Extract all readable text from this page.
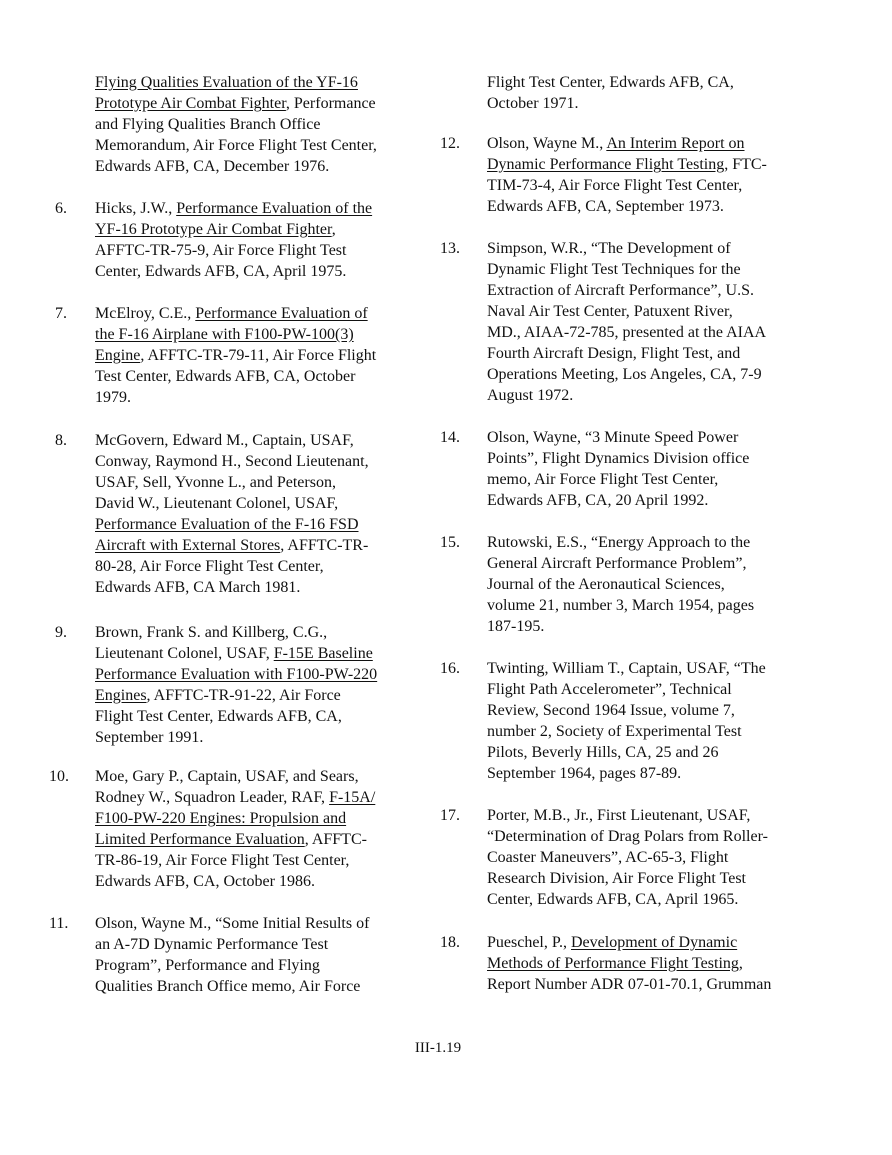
Flying Qualities Evaluation of the YF-16
Prototype Air Combat Fighter, Performance
and Flying Qualities Branch Office
Memorandum, Air Force Flight Test Center,
Edwards AFB, CA, December 1976.
6. Hicks, J.W., Performance Evaluation of the
YF-16 Prototype Air Combat Fighter,
AFFTC-TR-75-9, Air Force Flight Test
Center, Edwards AFB, CA, April 1975.
7. McElroy, C.E., Performance Evaluation of
the F-16 Airplane with F100-PW-100(3)
Engine, AFFTC-TR-79-11, Air Force Flight
Test Center, Edwards AFB, CA, October
1979.
8. McGovern, Edward M., Captain, USAF,
Conway, Raymond H., Second Lieutenant,
USAF, Sell, Yvonne L., and Peterson,
David W., Lieutenant Colonel, USAF,
Performance Evaluation of the F-16 FSD
Aircraft with External Stores, AFFTC-TR-
80-28, Air Force Flight Test Center,
Edwards AFB, CA March 1981.
9. Brown, Frank S. and Killberg, C.G.,
Lieutenant Colonel, USAF, F-15E Baseline
Performance Evaluation with F100-PW-220
Engines, AFFTC-TR-91-22, Air Force
Flight Test Center, Edwards AFB, CA,
September 1991.
10. Moe, Gary P., Captain, USAF, and Sears,
Rodney W., Squadron Leader, RAF, F-15A/
F100-PW-220 Engines: Propulsion and
Limited Performance Evaluation, AFFTC-
TR-86-19, Air Force Flight Test Center,
Edwards AFB, CA, October 1986.
11. Olson, Wayne M., “Some Initial Results of
an A-7D Dynamic Performance Test
Program”, Performance and Flying
Qualities Branch Office memo, Air Force
Flight Test Center, Edwards AFB, CA,
October 1971.
12. Olson, Wayne M., An Interim Report on
Dynamic Performance Flight Testing, FTC-
TIM-73-4, Air Force Flight Test Center,
Edwards AFB, CA, September 1973.
13. Simpson, W.R., “The Development of
Dynamic Flight Test Techniques for the
Extraction of Aircraft Performance”, U.S.
Naval Air Test Center, Patuxent River,
MD., AIAA-72-785, presented at the AIAA
Fourth Aircraft Design, Flight Test, and
Operations Meeting, Los Angeles, CA, 7-9
August 1972.
14. Olson, Wayne, “3 Minute Speed Power
Points”, Flight Dynamics Division office
memo, Air Force Flight Test Center,
Edwards AFB, CA, 20 April 1992.
15. Rutowski, E.S., “Energy Approach to the
General Aircraft Performance Problem”,
Journal of the Aeronautical Sciences,
volume 21, number 3, March 1954, pages
187-195.
16. Twinting, William T., Captain, USAF, “The
Flight Path Accelerometer”, Technical
Review, Second 1964 Issue, volume 7,
number 2, Society of Experimental Test
Pilots, Beverly Hills, CA, 25 and 26
September 1964, pages 87-89.
17. Porter, M.B., Jr., First Lieutenant, USAF,
“Determination of Drag Polars from Roller-
Coaster Maneuvers”, AC-65-3, Flight
Research Division, Air Force Flight Test
Center, Edwards AFB, CA, April 1965.
18. Pueschel, P., Development of Dynamic
Methods of Performance Flight Testing,
Report Number ADR 07-01-70.1, Grumman
III-1.19
